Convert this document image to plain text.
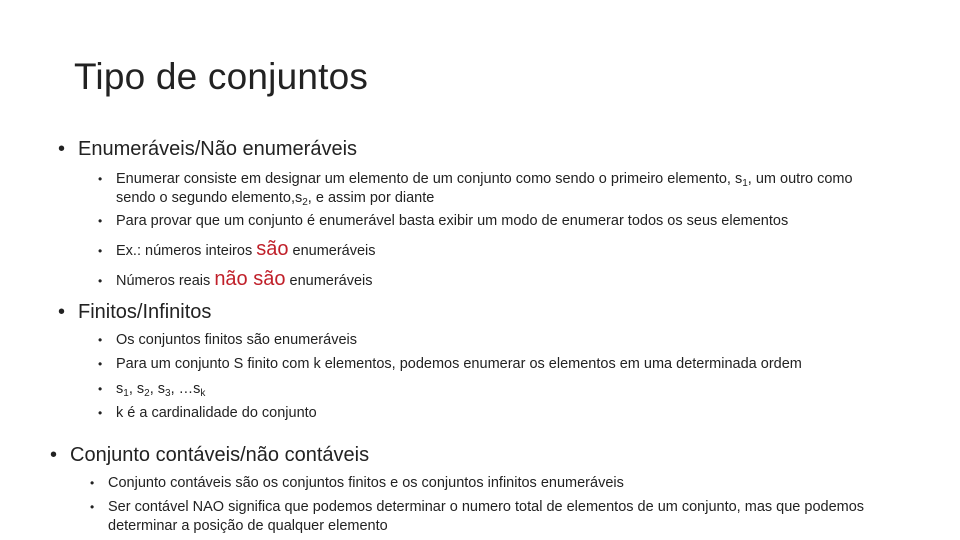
Tipo de conjuntos
• Enumeráveis/Não enumeráveis
• Enumerar consiste em designar um elemento de um conjunto como sendo o primeiro elemento, $s_1$, um outro como sendo o segundo $elemento,s_2$, e assim por diante
• Para provar que um conjunto é enumerável basta exibir um modo de enumerar todos os seus elementos
• Ex.: números inteiros são enumeráveis
• Números reais não são enumeráveis
• Finitos/Infinitos
• Os conjuntos finitos são enumeráveis
• Para um conjunto S finito com k elementos, podemos enumerar os elementos em uma determinada ordem
• $s_1$, $s_2$, $s_3$, $\dots s_k$
• k é a cardinalidade do conjunto
• Conjunto contáveis/não contáveis
• Conjunto contáveis são os conjuntos finitos e os conjuntos infinitos enumeráveis
• Ser contável NAO significa que podemos determinar o numero total de elementos de um conjunto, mas que podemos determinar a posição de qualquer elemento
